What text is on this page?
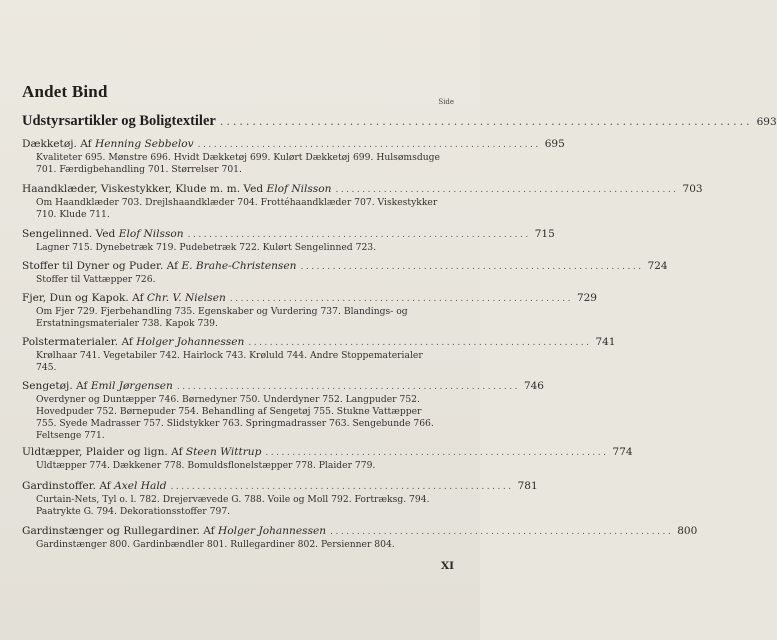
Andet Bind
Side
Udstyrsartikler og Boligtextiler .................................................................................. 693
Dækketøj. Af
Henning Sebbelov ................................................................ 695
Kvaliteter 695. Mønstre 696. Hvidt Dækketøj 699. Kulørt Dækketøj 699. Hulsømsduge 701. Færdigbehandling 701. Størrelser 701.
Haandklæder, Viskestykker, Klude m. m. Ved
Elof Nilsson ................................................................ 703
Om Haandklæder 703. Drejlshaandklæder 704. Frottéhaandklæder 707. Viskestykker 710. Klude 711.
Sengelinned. Ved
Elof Nilsson ................................................................ 715
Lagner 715. Dynebetræk 719. Pudebetræk 722. Kulørt Sengelinned 723.
Stoffer til Dyner og Puder. Af
E. Brahe-Christensen ................................................................ 724
Stoffer til Vattæpper 726.
Fjer, Dun og Kapok. Af
Chr. V. Nielsen ................................................................ 729
Om Fjer 729. Fjerbehandling 735. Egenskaber og Vurdering 737. Blandings- og Erstatningsmaterialer 738. Kapok 739.
Polstermaterialer. Af
Holger Johannessen ................................................................ 741
Krølhaar 741. Vegetabiler 742. Hairlock 743. Krøluld 744. Andre Stoppematerialer 745.
Sengetøj. Af
Emil Jørgensen ................................................................ 746
Overdyner og Duntæpper 746. Børnedyner 750. Underdyner 752. Langpuder 752. Hovedpuder 752. Børnepuder 754. Behandling af Sengetøj 755. Stukne Vattæpper 755. Syede Madrasser 757. Slidstykker 763. Springmadrasser 763. Sengebunde 766. Feltsenge 771.
Uldtæpper, Plaider og lign. Af
Steen Wittrup ................................................................ 774
Uldtæpper 774. Dækkener 778. Bomuldsflonelstæpper 778. Plaider 779.
Gardinstoffer. Af
Axel Hald ................................................................ 781
Curtain-Nets, Tyl o. l. 782. Drejervævede G. 788. Voile og Moll 792. Fortræksg. 794. Paatrykte G. 794. Dekorationsstoffer 797.
Gardinstænger og Rullegardiner. Af
Holger Johannessen ................................................................ 800
Gardinstænger 800. Gardinbændler 801. Rullegardiner 802. Persienner 804.
XI
